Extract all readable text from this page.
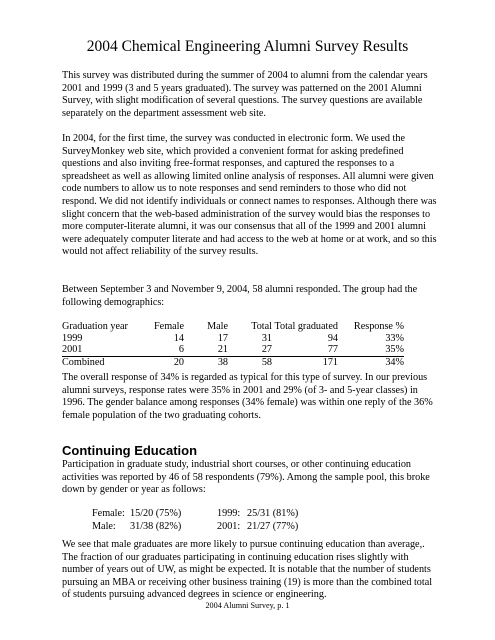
2004 Chemical Engineering Alumni Survey Results

This survey was distributed during the summer of 2004 to alumni from the calendar years 2001 and 1999 (3 and 5 years graduated). The survey was patterned on the 2001 Alumni Survey, with slight modification of several questions. The survey questions are available separately on the department assessment web site.

In 2004, for the first time, the survey was conducted in electronic form. We used the SurveyMonkey web site, which provided a convenient format for asking predefined questions and also inviting free-format responses, and captured the responses to a spreadsheet as well as allowing limited online analysis of responses. All alumni were given code numbers to allow us to note responses and send reminders to those who did not respond. We did not identify individuals or connect names to responses. Although there was slight concern that the web-based administration of the survey would bias the responses to more computer-literate alumni, it was our consensus that all of the 1999 and 2001 alumni were adequately computer literate and had access to the web at home or at work, and so this would not affect reliability of the survey results.

Between September 3 and November 9, 2004, 58 alumni responded. The group had the following demographics:

Graduation year	Female	Male	Total	Total graduated	Response %
1999	14	17	31	94	33%
2001	6	21	27	77	35%
Combined	20	38	58	171	34%

The overall response of 34% is regarded as typical for this type of survey. In our previous alumni surveys, response rates were 35% in 2001 and 29% (of 3- and 5-year classes) in 1996. The gender balance among responses (34% female) was within one reply of the 36% female population of the two graduating cohorts.

Continuing Education

Participation in graduate study, industrial short courses, or other continuing education activities was reported by 46 of 58 respondents (79%). Among the sample pool, this broke down by gender or year as follows:

Female: 15/20 (75%)	1999: 25/31 (81%)
Male:	31/38 (82%)	2001: 21/27 (77%)

We see that male graduates are more likely to pursue continuing education than average,. The fraction of our graduates participating in continuing education rises slightly with number of years out of UW, as might be expected. It is notable that the number of students pursuing an MBA or receiving other business training (19) is more than the combined total of students pursuing advanced degrees in science or engineering.

2004 Alumni Survey, p. 1
